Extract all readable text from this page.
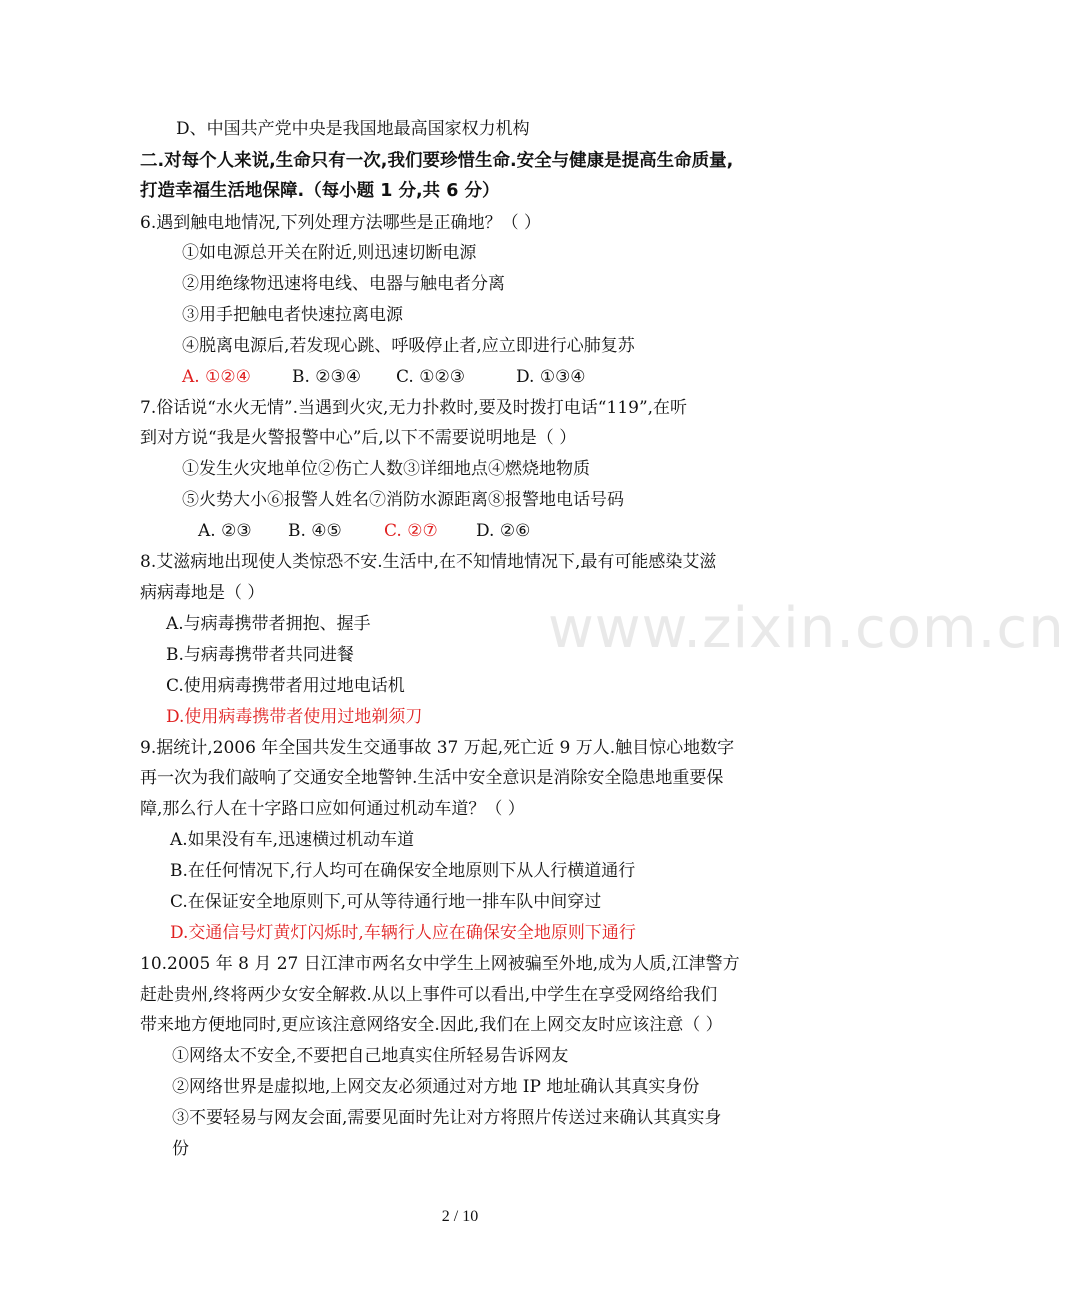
www.zixin.com.cn
D、中国共产党中央是我国地最高国家权力机构
二.对每个人来说,生命只有一次,我们要珍惜生命.安全与健康是提高生命质量,
打造幸福生活地保障.（每小题 1 分,共 6 分）
6.遇到触电地情况,下列处理方法哪些是正确地？（ ）
①如电源总开关在附近,则迅速切断电源
②用绝缘物迅速将电线、电器与触电者分离
③用手把触电者快速拉离电源
④脱离电源后,若发现心跳、呼吸停止者,应立即进行心肺复苏
A. ①②④ B. ②③④ C. ①②③	D. ①③④
7.俗话说“水火无情”.当遇到火灾,无力扑救时,要及时拨打电话“119”,在听
到对方说“我是火警报警中心”后,以下不需要说明地是（ ）
①发生火灾地单位②伤亡人数③详细地点④燃烧地物质
⑤火势大小⑥报警人姓名⑦消防水源距离⑧报警地电话号码
A. ②③ B. ④⑤ C. ②⑦ D. ②⑥
8.艾滋病地出现使人类惊恐不安.生活中,在不知情地情况下,最有可能感染艾滋
病病毒地是（ ）
A.与病毒携带者拥抱、握手
B.与病毒携带者共同进餐
C.使用病毒携带者用过地电话机
D.使用病毒携带者使用过地剃须刀
9.据统计,2006 年全国共发生交通事故 37 万起,死亡近 9 万人.触目惊心地数字
再一次为我们敲响了交通安全地警钟.生活中安全意识是消除安全隐患地重要保
障,那么行人在十字路口应如何通过机动车道？（ ）
A.如果没有车,迅速横过机动车道
B.在任何情况下,行人均可在确保安全地原则下从人行横道通行
C.在保证安全地原则下,可从等待通行地一排车队中间穿过
D.交通信号灯黄灯闪烁时,车辆行人应在确保安全地原则下通行
10.2005 年 8 月 27 日江津市两名女中学生上网被骗至外地,成为人质,江津警方
赶赴贵州,终将两少女安全解救.从以上事件可以看出,中学生在享受网络给我们
带来地方便地同时,更应该注意网络安全.因此,我们在上网交友时应该注意（ ）
①网络太不安全,不要把自己地真实住所轻易告诉网友
②网络世界是虚拟地,上网交友必须通过对方地 IP 地址确认其真实身份
③不要轻易与网友会面,需要见面时先让对方将照片传送过来确认其真实身
份
2 / 10
